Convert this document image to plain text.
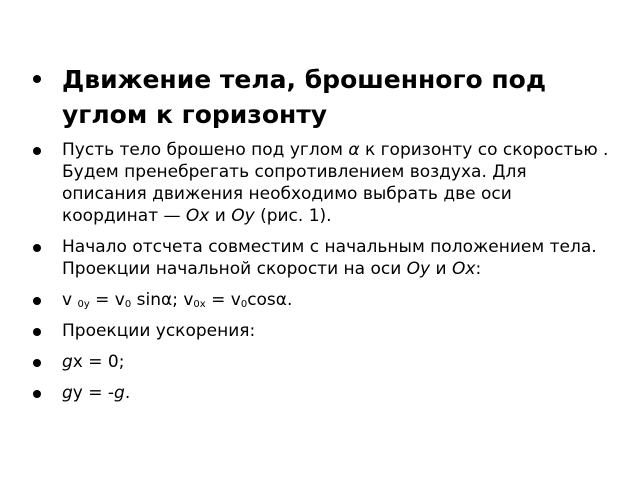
Движение тела, брошенного под углом к горизонту
Пусть тело брошено под углом α к горизонту со скоростью . Будем пренебрегать сопротивлением воздуха. Для описания движения необходимо выбрать две оси координат — Ox и Oy (рис. 1).
Начало отсчета совместим с начальным положением тела. Проекции начальной скорости на оси Oy и Ox:
v $_{0y} = v_0$ sinα; $v_{0x} = v_0\cos\alpha$.
Проекции ускорения:
gx = 0;
gy = -g.
